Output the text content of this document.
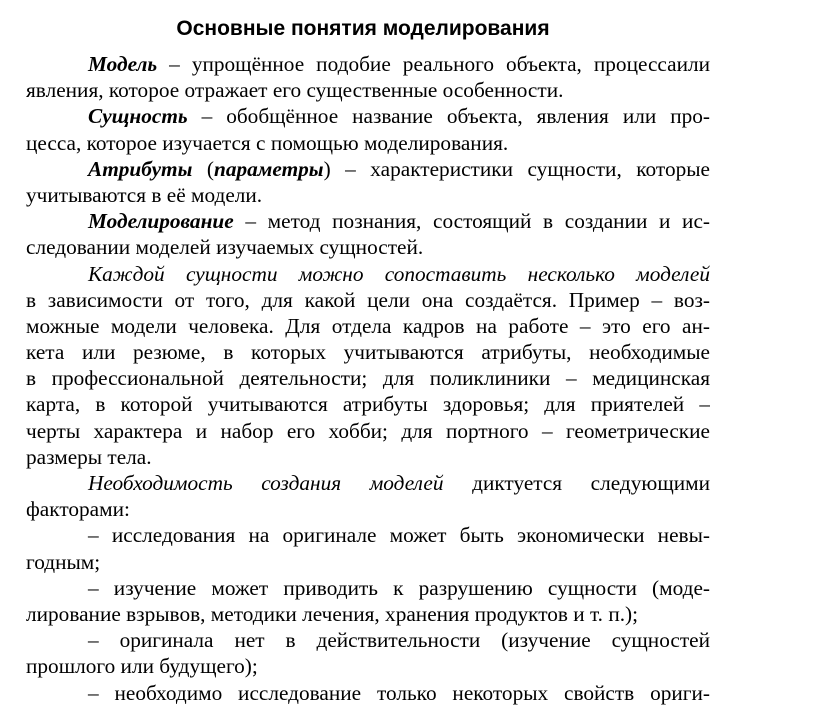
Основные понятия моделирования
Модель – упрощённое подобие реального объекта, процессаили
явления, которое отражает его существенные особенности.
Сущность – обобщённое название объекта, явления или про-
цесса, которое изучается с помощью моделирования.
Атрибуты (параметры) – характеристики сущности, которые
учитываются в её модели.
Моделирование – метод познания, состоящий в создании и ис-
следовании моделей изучаемых сущностей.
Каждой сущности можно сопоставить несколько моделей
в зависимости от того, для какой цели она создаётся. Пример – воз-
можные модели человека. Для отдела кадров на работе – это его ан-
кета или резюме, в которых учитываются атрибуты, необходимые
в профессиональной деятельности; для поликлиники – медицинская
карта, в которой учитываются атрибуты здоровья; для приятелей –
черты характера и набор его хобби; для портного – геометрические
размеры тела.
Необходимость создания моделей диктуется следующими
факторами:
– исследования на оригинале может быть экономически невы-
годным;
– изучение может приводить к разрушению сущности (моде-
лирование взрывов, методики лечения, хранения продуктов и т. п.);
– оригинала нет в действительности (изучение сущностей
прошлого или будущего);
– необходимо исследование только некоторых свойств ориги-
